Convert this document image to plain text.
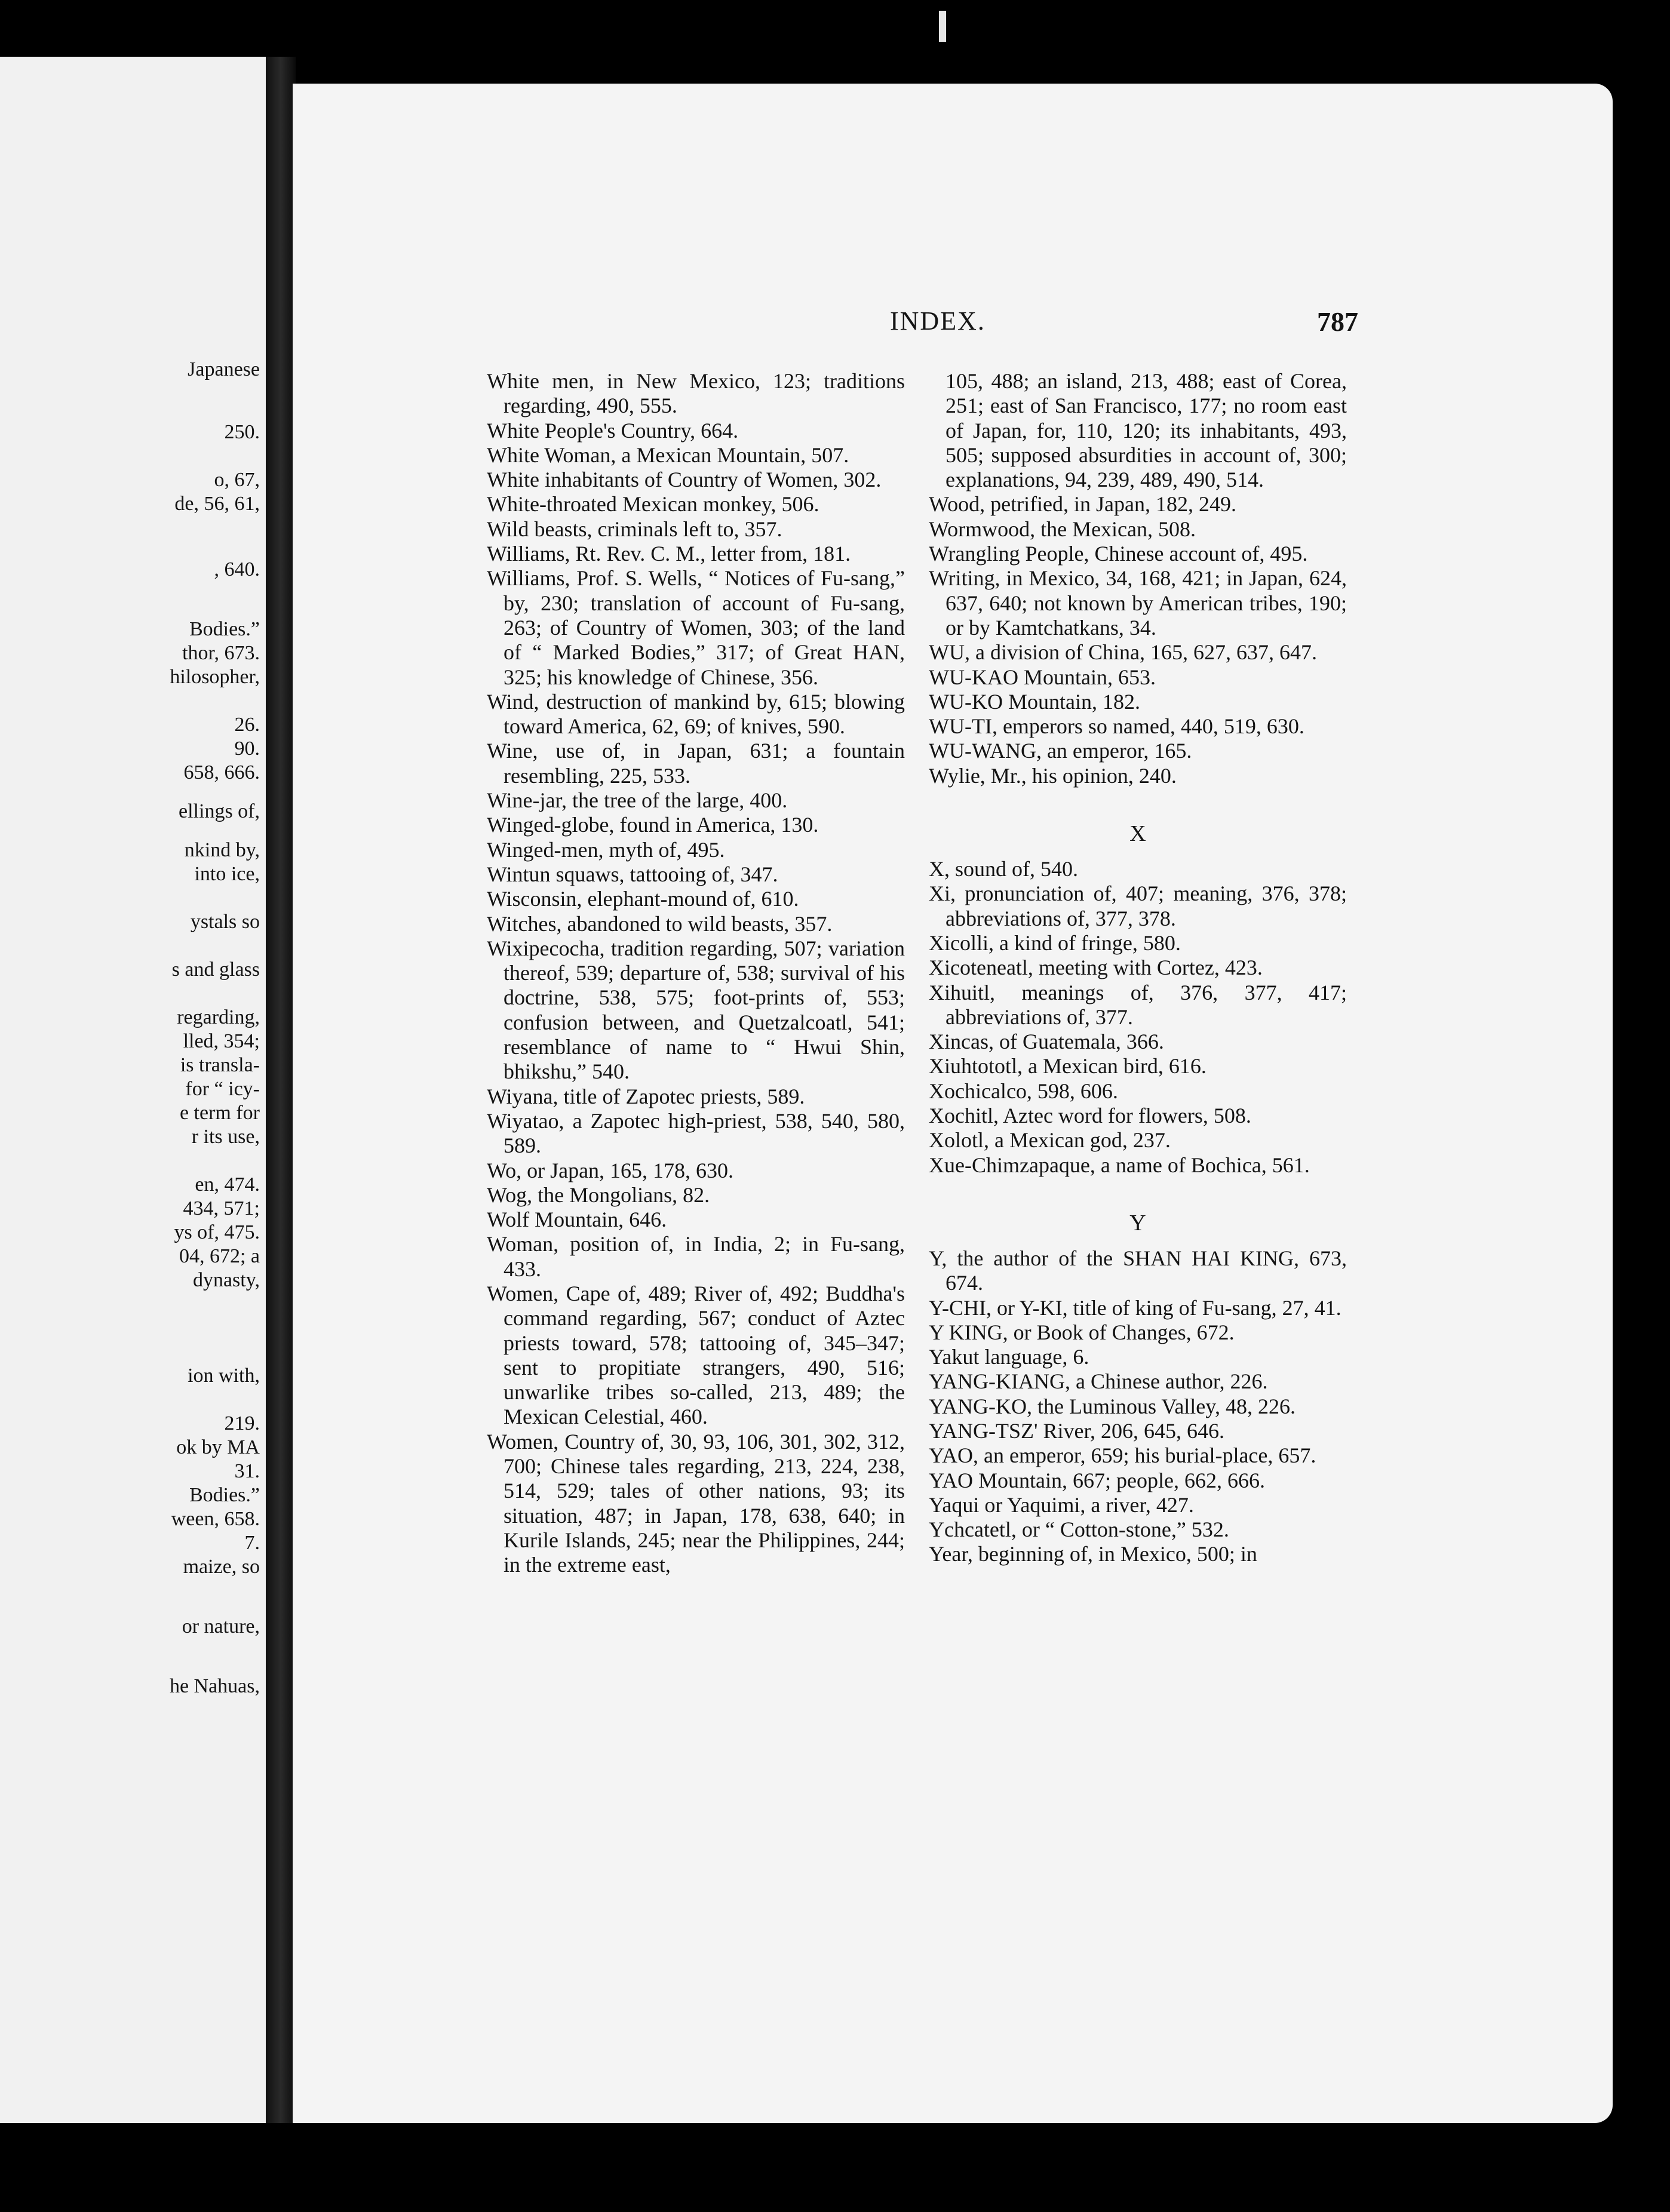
Japanese
250.
o, 67,
de, 56, 61,
, 640.
Bodies.”
thor, 673.
hilosopher,
26.
90.
658, 666.
ellings of,
nkind by,
into ice,
ystals so
s and glass
regarding,
lled, 354;
is transla-
for “ icy-
e term for
r its use,
en, 474.
434, 571;
ys of, 475.
04, 672; a
dynasty,
ion with,
219.
ok by MA
31.
Bodies.”
ween, 658.
7.
maize, so
or nature,
he Nahuas,
INDEX.	787

White men, in New Mexico, 123; traditions regarding, 490, 555.

White People's Country, 664.

White Woman, a Mexican Mountain, 507.

White inhabitants of Country of Women, 302.

White-throated Mexican monkey, 506.

Wild beasts, criminals left to, 357.

Williams, Rt. Rev. C. M., letter from, 181.

Williams, Prof. S. Wells, “ Notices of Fu-sang,” by, 230; translation of account of Fu-sang, 263; of Country of Women, 303; of the land of “ Marked Bodies,” 317; of Great HAN, 325; his knowledge of Chinese, 356.

Wind, destruction of mankind by, 615; blowing toward America, 62, 69; of knives, 590.

Wine, use of, in Japan, 631; a fountain resembling, 225, 533.

Wine-jar, the tree of the large, 400.

Winged-globe, found in America, 130.

Winged-men, myth of, 495.

Wintun squaws, tattooing of, 347.

Wisconsin, elephant-mound of, 610.

Witches, abandoned to wild beasts, 357.

Wixipecocha, tradition regarding, 507; variation thereof, 539; departure of, 538; survival of his doctrine, 538, 575; foot-prints of, 553; confusion between, and Quetzalcoatl, 541; resemblance of name to “ Hwui Shin, bhikshu,” 540.

Wiyana, title of Zapotec priests, 589.

Wiyatao, a Zapotec high-priest, 538, 540, 580, 589.

Wo, or Japan, 165, 178, 630.

Wog, the Mongolians, 82.

Wolf Mountain, 646.

Woman, position of, in India, 2; in Fu-sang, 433.

Women, Cape of, 489; River of, 492; Buddha's command regarding, 567; conduct of Aztec priests toward, 578; tattooing of, 345–347; sent to propitiate strangers, 490, 516; unwarlike tribes so-called, 213, 489; the Mexican Celestial, 460.

Women, Country of, 30, 93, 106, 301, 302, 312, 700; Chinese tales regarding, 213, 224, 238, 514, 529; tales of other nations, 93; its situation, 487; in Japan, 178, 638, 640; in Kurile Islands, 245; near the Philippines, 244; in the extreme east,

105, 488; an island, 213, 488; east of Corea, 251; east of San Francisco, 177; no room east of Japan, for, 110, 120; its inhabitants, 493, 505; supposed absurdities in account of, 300; explanations, 94, 239, 489, 490, 514.

Wood, petrified, in Japan, 182, 249.

Wormwood, the Mexican, 508.

Wrangling People, Chinese account of, 495.

Writing, in Mexico, 34, 168, 421; in Japan, 624, 637, 640; not known by American tribes, 190; or by Kamtchatkans, 34.

WU, a division of China, 165, 627, 637, 647.

WU-KAO Mountain, 653.

WU-KO Mountain, 182.

WU-TI, emperors so named, 440, 519, 630.

WU-WANG, an emperor, 165.

Wylie, Mr., his opinion, 240.

X

X, sound of, 540.

Xi, pronunciation of, 407; meaning, 376, 378; abbreviations of, 377, 378.

Xicolli, a kind of fringe, 580.

Xicoteneatl, meeting with Cortez, 423.

Xihuitl, meanings of, 376, 377, 417; abbreviations of, 377.

Xincas, of Guatemala, 366.

Xiuhtototl, a Mexican bird, 616.

Xochicalco, 598, 606.

Xochitl, Aztec word for flowers, 508.

Xolotl, a Mexican god, 237.

Xue-Chimzapaque, a name of Bochica, 561.

Y

Y, the author of the SHAN HAI KING, 673, 674.

Y-CHI, or Y-KI, title of king of Fu-sang, 27, 41.

Y KING, or Book of Changes, 672.

Yakut language, 6.

YANG-KIANG, a Chinese author, 226.

YANG-KO, the Luminous Valley, 48, 226.

YANG-TSZ' River, 206, 645, 646.

YAO, an emperor, 659; his burial-place, 657.

YAO Mountain, 667; people, 662, 666.

Yaqui or Yaquimi, a river, 427.

Ychcatetl, or “ Cotton-stone,” 532.

Year, beginning of, in Mexico, 500; in
